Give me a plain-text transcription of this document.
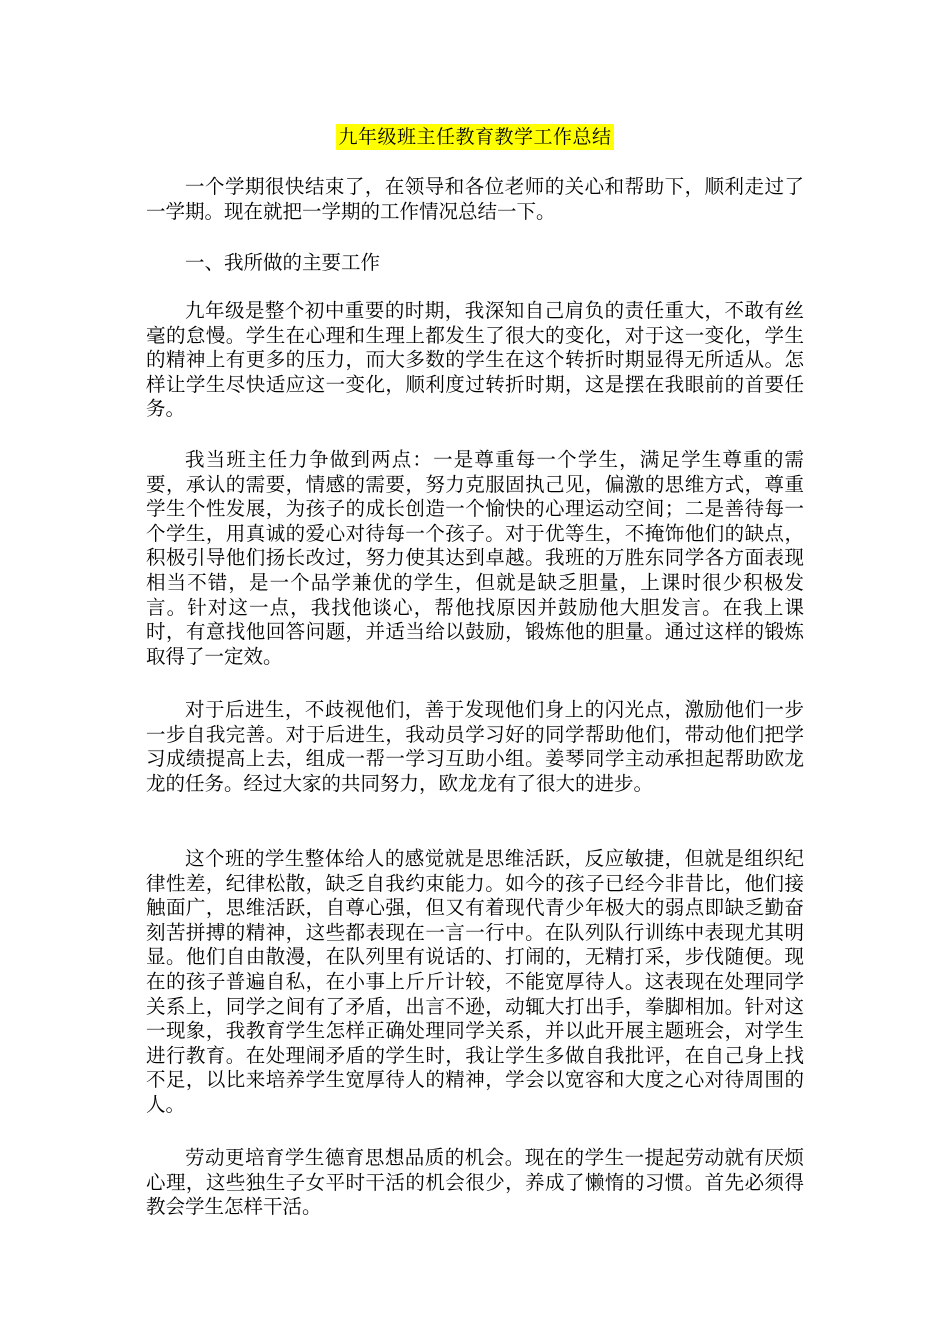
九年级班主任教育教学工作总结

一个学期很快结束了，在领导和各位老师的关心和帮助下，顺利走过了一学期。现在就把一学期的工作情况总结一下。

一、我所做的主要工作

九年级是整个初中重要的时期，我深知自己肩负的责任重大，不敢有丝毫的怠慢。学生在心理和生理上都发生了很大的变化，对于这一变化，学生的精神上有更多的压力，而大多数的学生在这个转折时期显得无所适从。怎样让学生尽快适应这一变化，顺利度过转折时期，这是摆在我眼前的首要任务。

我当班主任力争做到两点：一是尊重每一个学生，满足学生尊重的需要，承认的需要，情感的需要，努力克服固执己见，偏激的思维方式，尊重学生个性发展，为孩子的成长创造一个愉快的心理运动空间；二是善待每一个学生，用真诚的爱心对待每一个孩子。对于优等生，不掩饰他们的缺点，积极引导他们扬长改过，努力使其达到卓越。我班的万胜东同学各方面表现相当不错，是一个品学兼优的学生，但就是缺乏胆量，上课时很少积极发言。针对这一点，我找他谈心，帮他找原因并鼓励他大胆发言。在我上课时，有意找他回答问题，并适当给以鼓励，锻炼他的胆量。通过这样的锻炼取得了一定效。

对于后进生，不歧视他们，善于发现他们身上的闪光点，激励他们一步一步自我完善。对于后进生，我动员学习好的同学帮助他们，带动他们把学习成绩提高上去，组成一帮一学习互助小组。姜琴同学主动承担起帮助欧龙龙的任务。经过大家的共同努力，欧龙龙有了很大的进步。

这个班的学生整体给人的感觉就是思维活跃，反应敏捷，但就是组织纪律性差，纪律松散，缺乏自我约束能力。如今的孩子已经今非昔比，他们接触面广，思维活跃，自尊心强，但又有着现代青少年极大的弱点即缺乏勤奋刻苦拼搏的精神，这些都表现在一言一行中。在队列队行训练中表现尤其明显。他们自由散漫，在队列里有说话的、打闹的，无精打采，步伐随便。现在的孩子普遍自私，在小事上斤斤计较，不能宽厚待人。这表现在处理同学关系上，同学之间有了矛盾，出言不逊，动辄大打出手，拳脚相加。针对这一现象，我教育学生怎样正确处理同学关系，并以此开展主题班会，对学生进行教育。在处理闹矛盾的学生时，我让学生多做自我批评，在自己身上找不足，以比来培养学生宽厚待人的精神，学会以宽容和大度之心对待周围的人。

劳动更培育学生德育思想品质的机会。现在的学生一提起劳动就有厌烦心理，这些独生子女平时干活的机会很少，养成了懒惰的习惯。首先必须得教会学生怎样干活。
